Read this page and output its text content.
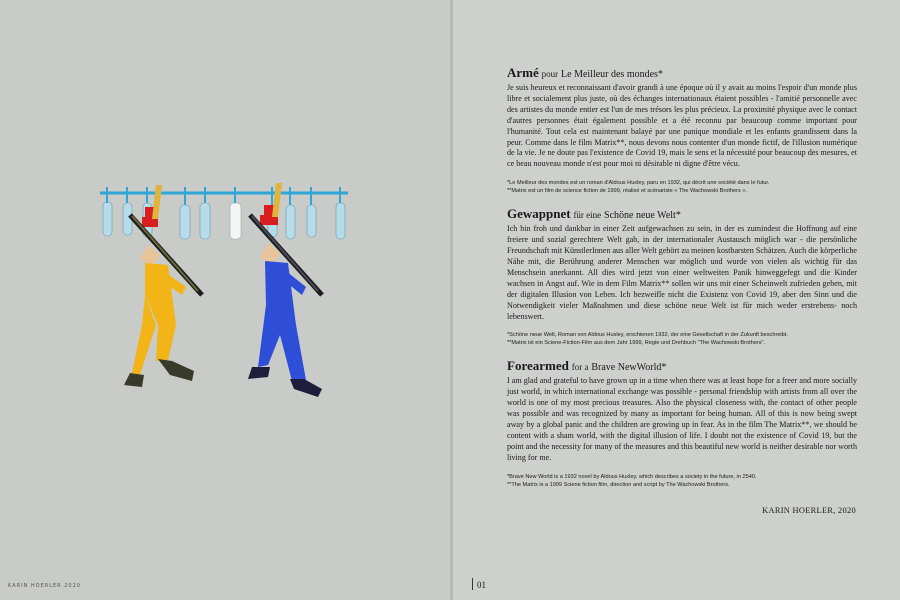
KARIN HOERLER 2020
Armé pour Le Meilleur des mondes*

Je suis heureux et reconnaissant d'avoir grandi à une époque où il y avait au moins l'espoir d'un monde plus libre et socialement plus juste, où des échanges internationaux étaient possibles - l'amitié personnelle avec des artistes du monde entier est l'un de mes trésors les plus précieux. La proximité physique avec le contact d'autres personnes était également possible et a été reconnu par beaucoup comme important pour l'humanité. Tout cela est maintenant balayé par une panique mondiale et les enfants grandissent dans la peur. Comme dans le film Matrix**, nous devons nous contenter d'un monde fictif, de l'illusion numérique de la vie. Je ne doute pas l'existence de Covid 19, mais le sens et la nécessité pour beaucoup des mesures, et ce beau nouveau monde n'est pour moi ni désirable ni digne d'être vécu.

*Le Meilleur des mondes est un roman d'Aldous Huxley, paru en 1932, qui décrit une société dans le futur.
**Matrix est un film de science fiction de 1999, réalisé et scénariste « The Wachowski Brothers ».
Gewappnet für eine Schöne neue Welt*

Ich bin froh und dankbar in einer Zeit aufgewachsen zu sein, in der es zumindest die Hoffnung auf eine freiere und sozial gerechtere Welt gab, in der internationaler Austausch möglich war - die persönliche Freundschaft mit KünstlerInnen aus aller Welt gehört zu meinen kostbarsten Schätzen. Auch die körperliche Nähe mit, die Berührung anderer Menschen war möglich und wurde von vielen als wichtig für das Menschsein anerkannt. All dies wird jetzt von einer weltweiten Panik hinweggefegt und die Kinder wachsen in Angst auf. Wie in dem Film Matrix** sollen wir uns mit einer Scheinwelt zufrieden geben, mit der digitalen Illusion von Leben. Ich bezweifle nicht die Existenz von Covid 19, aber den Sinn und die Notwendigkeit vieler Maßnahmen und diese schöne neue Welt ist für mich weder erstrebens- noch lebenswert.

*Schöne neue Welt, Roman von Aldous Huxley, erschienen 1932, der eine Gesellschaft in der Zukunft beschreibt.
**Matrix ist ein Sciene-Fiction-Film aus dem Jahr 1999, Regie und Drehbuch "The Wachowski Brothers".
Forearmed for a Brave NewWorld*

I am glad and grateful to have grown up in a time when there was at least hope for a freer and more socially just world, in which international exchange was possible - personal friendship with artists from all over the world is one of my most precious treasures. Also the physical closeness with, the contact of other people was possible and was recognized by many as important for being human. All of this is now being swept away by a global panic and the children are growing up in fear. As in the film The Matrix**, we should be content with a sham world, with the digital illusion of life. I doubt not the existence of Covid 19, but the point and the necessity for many of the measures and this beautiful new world is neither desirable nor worth living for me.

*Brave New World is a 1932 novel by Aldous Huxley, which describes a society in the future, in 2540.
**The Matrix is a 1999 Sciene fiction film, direction and script by The Wachowski Brothers.
KARIN HOERLER, 2020
01
